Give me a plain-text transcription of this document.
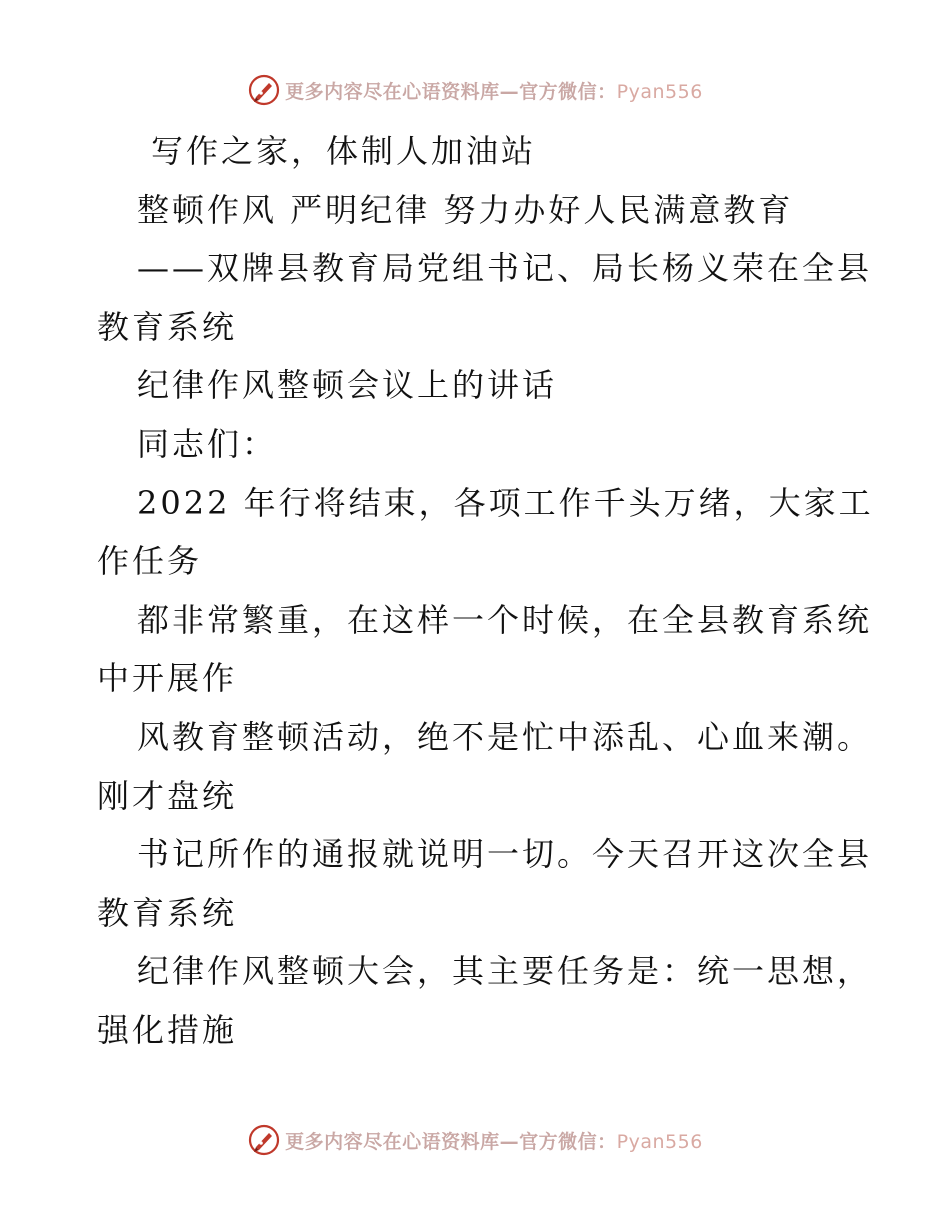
更多内容尽在心语资料库—官方微信：Pyan556
写作之家，体制人加油站
整顿作风 严明纪律 努力办好人民满意教育
——双牌县教育局党组书记、局长杨义荣在全县
教育系统
纪律作风整顿会议上的讲话
同志们：
2022 年行将结束，各项工作千头万绪，大家工
作任务
都非常繁重，在这样一个时候，在全县教育系统
中开展作
风教育整顿活动，绝不是忙中添乱、心血来潮。
刚才盘统
书记所作的通报就说明一切。今天召开这次全县
教育系统
纪律作风整顿大会，其主要任务是：统一思想，
强化措施
更多内容尽在心语资料库—官方微信：Pyan556
